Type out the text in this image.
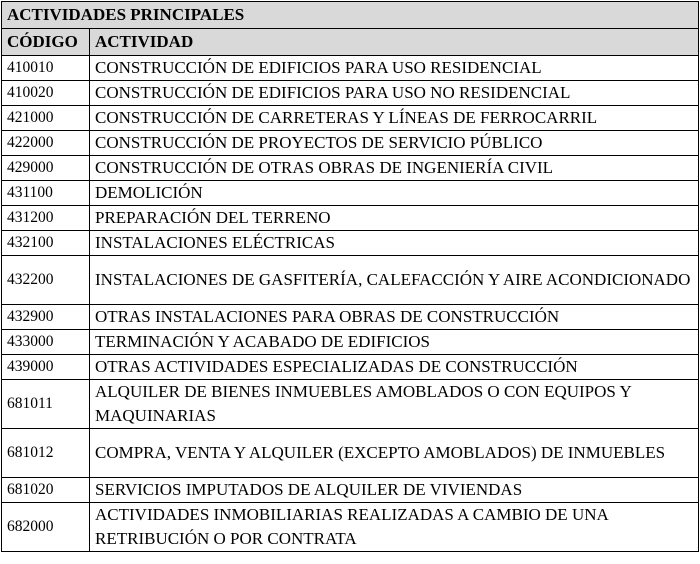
ACTIVIDADES PRINCIPALES	
CÓDIGO	ACTIVIDAD
410010	CONSTRUCCIÓN DE EDIFICIOS PARA USO RESIDENCIAL
410020	CONSTRUCCIÓN DE EDIFICIOS PARA USO NO RESIDENCIAL
421000	CONSTRUCCIÓN DE CARRETERAS Y LÍNEAS DE FERROCARRIL
422000	CONSTRUCCIÓN DE PROYECTOS DE SERVICIO PÚBLICO
429000	CONSTRUCCIÓN DE OTRAS OBRAS DE INGENIERÍA CIVIL
431100	DEMOLICIÓN
431200	PREPARACIÓN DEL TERRENO
432100	INSTALACIONES ELÉCTRICAS
432200	INSTALACIONES DE GASFITERÍA, CALEFACCIÓN Y AIRE ACONDICIONADO
432900	OTRAS INSTALACIONES PARA OBRAS DE CONSTRUCCIÓN
433000	TERMINACIÓN Y ACABADO DE EDIFICIOS
439000	OTRAS ACTIVIDADES ESPECIALIZADAS DE CONSTRUCCIÓN
681011	ALQUILER DE BIENES INMUEBLES AMOBLADOS O CON EQUIPOS Y MAQUINARIAS
681012	COMPRA, VENTA Y ALQUILER (EXCEPTO AMOBLADOS) DE INMUEBLES
681020	SERVICIOS IMPUTADOS DE ALQUILER DE VIVIENDAS
682000	ACTIVIDADES INMOBILIARIAS REALIZADAS A CAMBIO DE UNA RETRIBUCIÓN O POR CONTRATA
